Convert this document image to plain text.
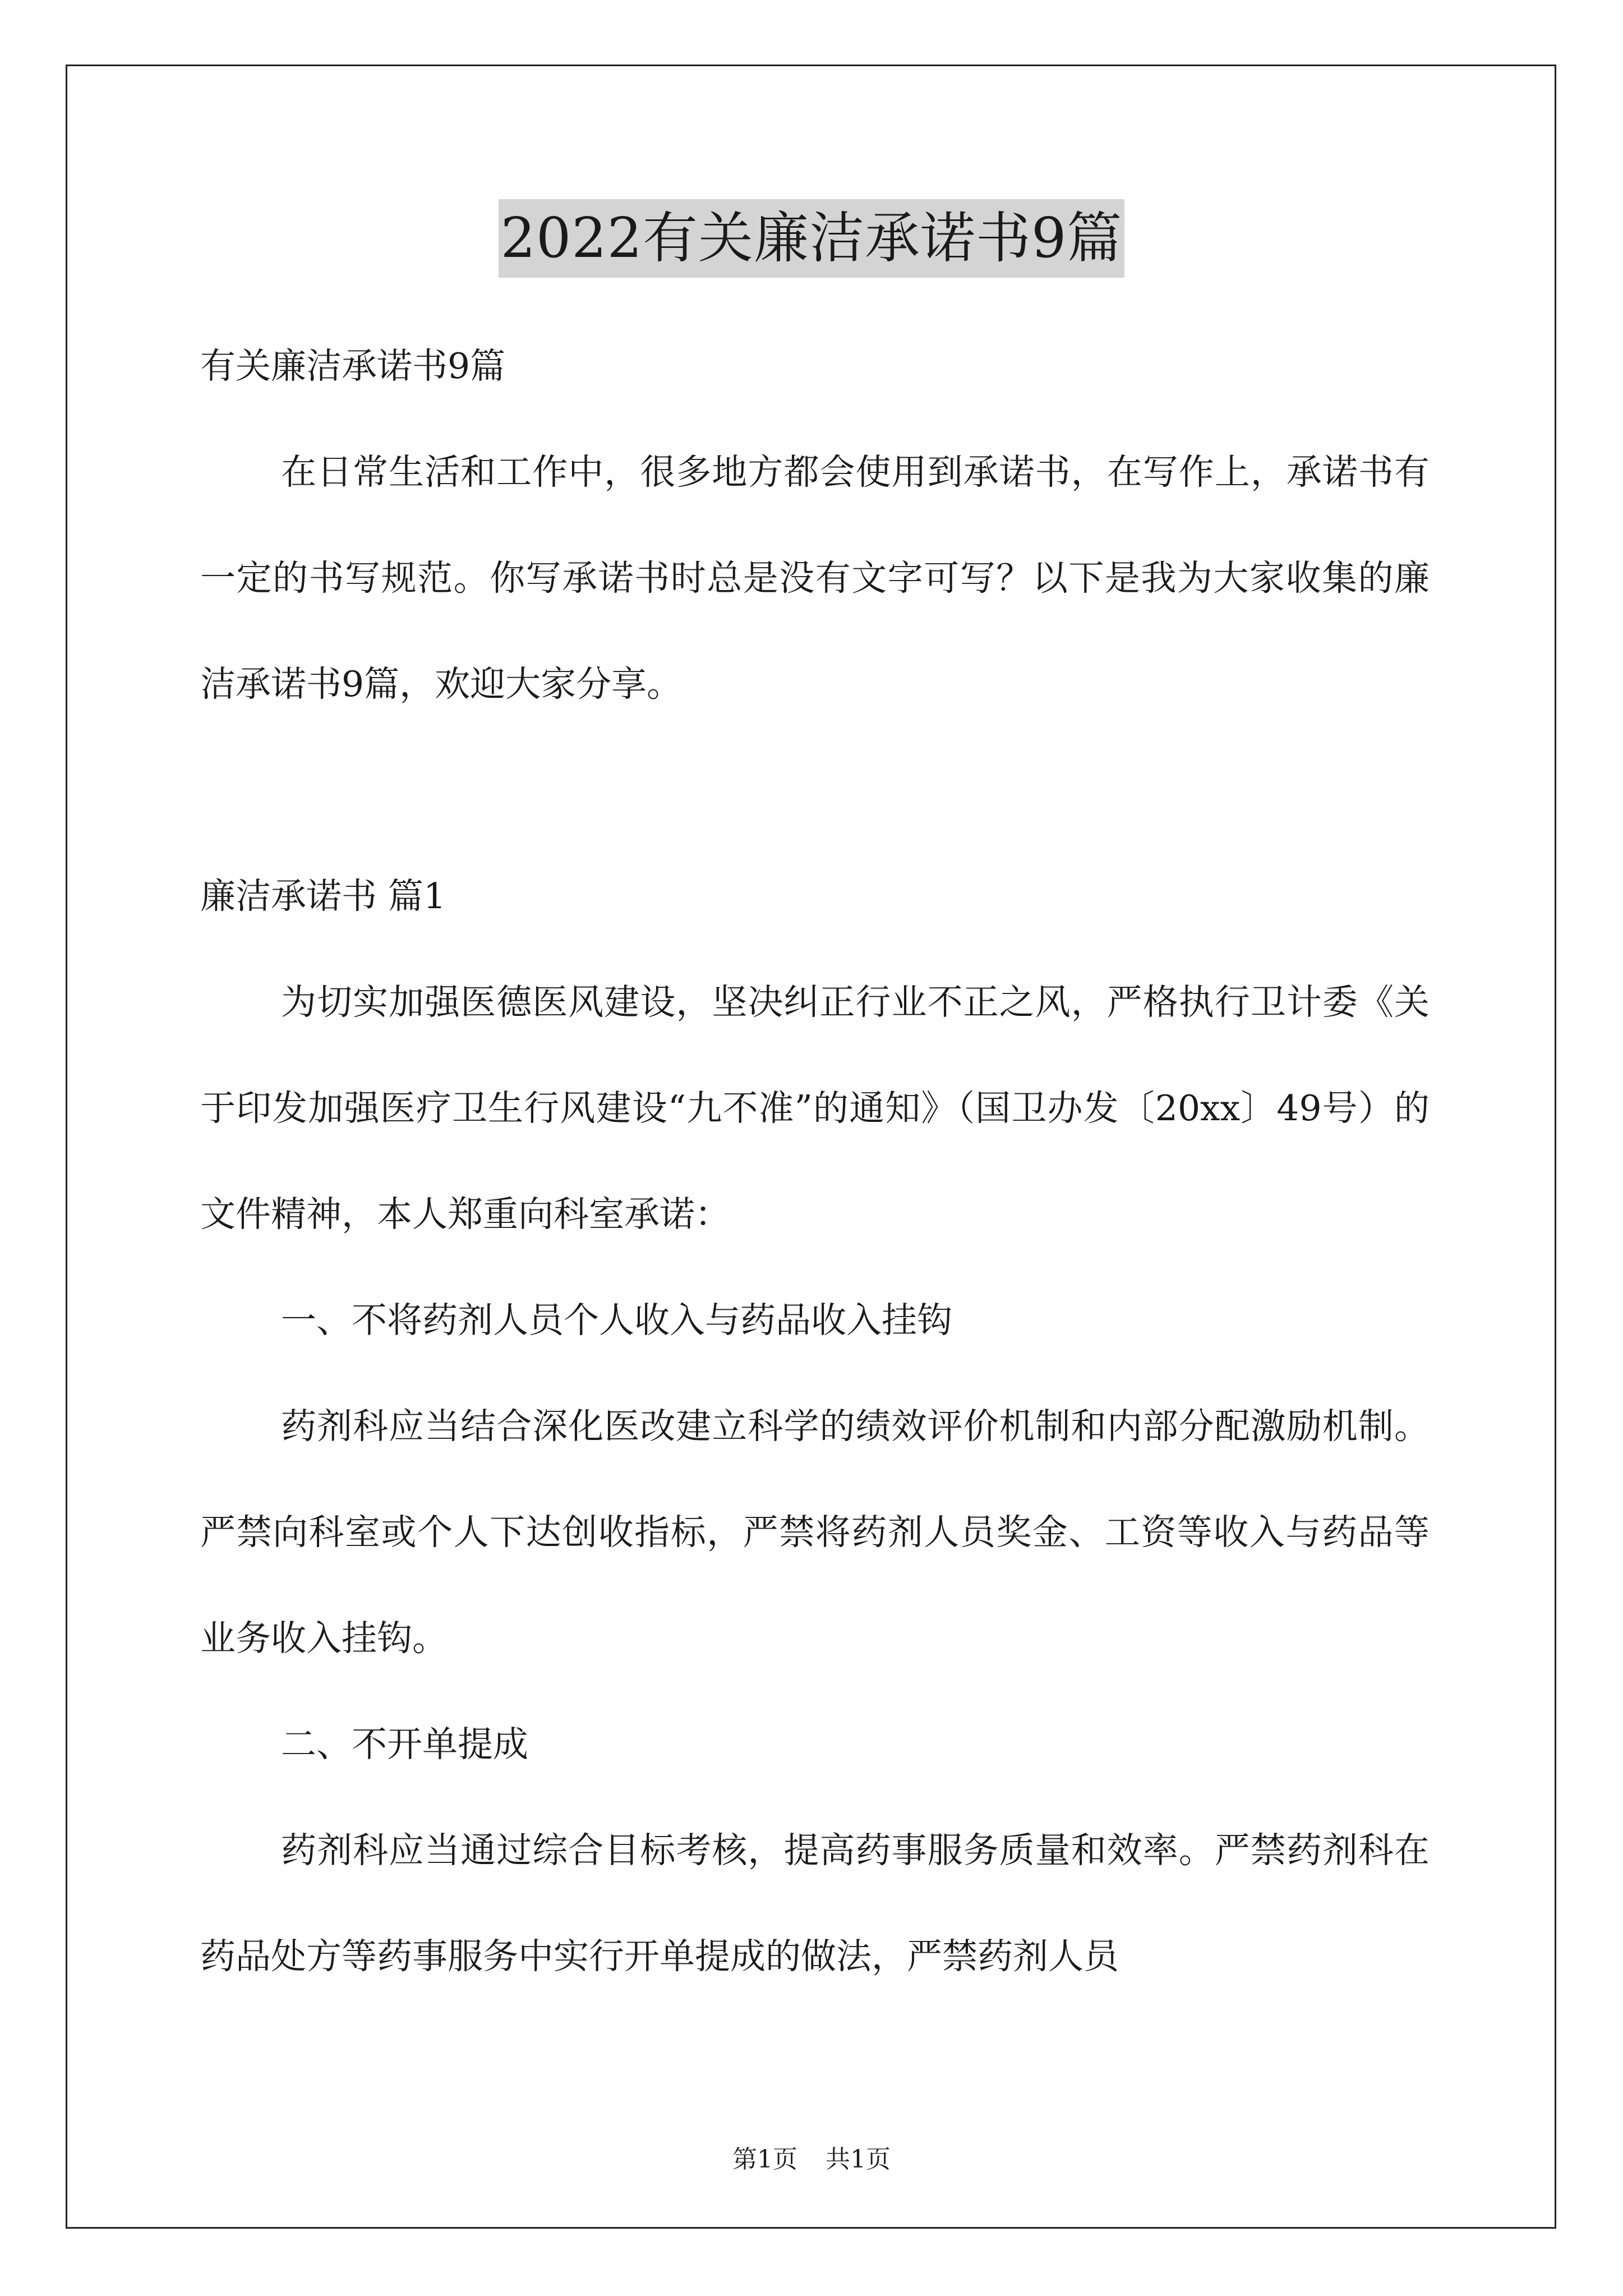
2022有关廉洁承诺书9篇

有关廉洁承诺书9篇

在日常生活和工作中，很多地方都会使用到承诺书，在写作上，承诺书有一定的书写规范。你写承诺书时总是没有文字可写？以下是我为大家收集的廉洁承诺书9篇，欢迎大家分享。

廉洁承诺书 篇1

为切实加强医德医风建设，坚决纠正行业不正之风，严格执行卫计委《关于印发加强医疗卫生行风建设“九不准”的通知》（国卫办发〔20xx〕49号）的文件精神，本人郑重向科室承诺：

一、不将药剂人员个人收入与药品收入挂钩

药剂科应当结合深化医改建立科学的绩效评价机制和内部分配激励机制。严禁向科室或个人下达创收指标，严禁将药剂人员奖金、工资等收入与药品等业务收入挂钩。

二、不开单提成

药剂科应当通过综合目标考核，提高药事服务质量和效率。严禁药剂科在药品处方等药事服务中实行开单提成的做法，严禁药剂人员

第1页 共1页
